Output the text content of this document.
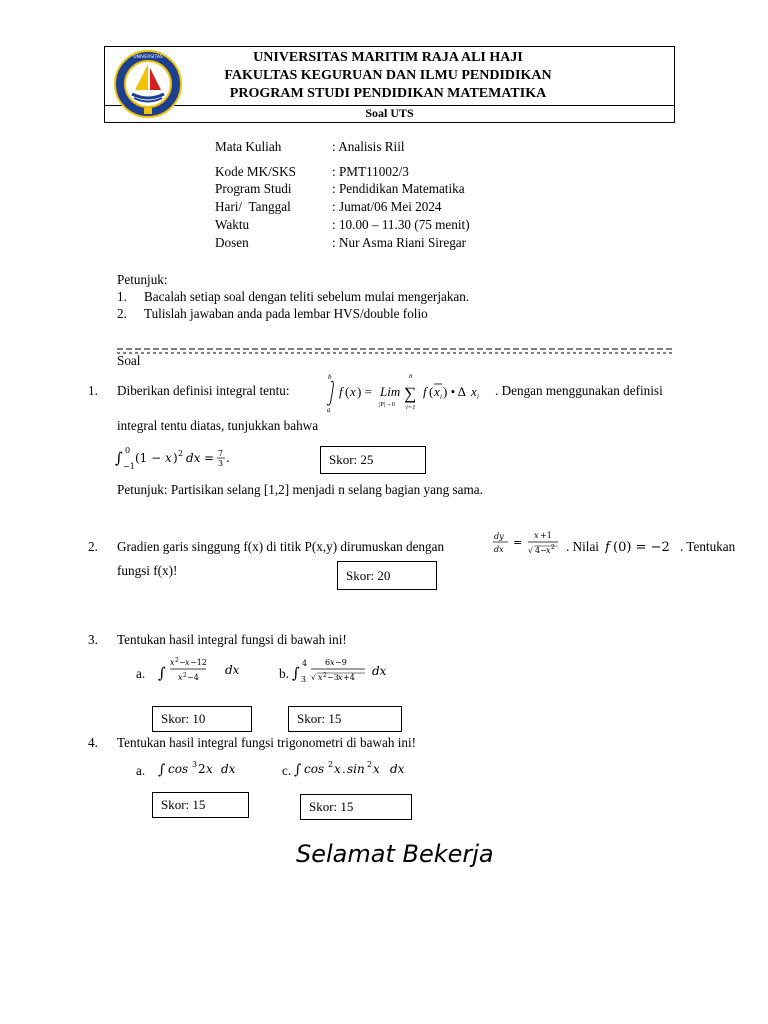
UNIVERSITAS	UNIVERSITAS MARITIM RAJA ALI HAJI
FAKULTAS KEGURUAN DAN ILMU PENDIDIKAN
PROGRAM STUDI PENDIDIKAN MATEMATIKA
Soal UTS
Mata Kuliah	: Analisis Riil
Kode MK/SKS	: PMT11002/3
Program Studi	: Pendidikan Matematika
Hari/  Tanggal	: Jumat/06 Mei 2024
Waktu	: 10.00 – 11.30 (75 menit)
Dosen	: Nur Asma Riani Siregar
Petunjuk:
1. Bacalah setiap soal dengan teliti sebelum mulai mengerjakan.
2. Tulislah jawaban anda pada lembar HVS/double folio
Soal
1. Diberikan definisi integral tentu:
b
a
f ( x ) = Lim
|P|→0
n
∑
i=1
f ( x i ) • Δ x i . Dengan menggunakan definisi
integral tentu diatas, tunjukkan bahwa
∫ 0
−1
(1 − x ) 2 dx = 7
3 .	Skor: 25
Petunjuk: Partisikan selang [1,2] menjadi n selang bagian yang sama.
2. Gradien garis singgung f(x) di titik P(x,y) dirumuskan dengan
dy
dx
=
x +1
√ 4− x 2 . Nilai f (0) = −2 . Tentukan
fungsi f(x)!	Skor: 20
3. Tentukan hasil integral fungsi di bawah ini!
a. ∫
x 2 − x −12
x 2 −4
dx	b. ∫
4
3
6 x −9
√ x 2 −3 x +4 dx
Skor: 10	Skor: 15
4. Tentukan hasil integral fungsi trigonometri di bawah ini!
a. ∫ cos 3 2 x dx	c. ∫ cos 2 x . sin 2 x dx
Skor: 15	Skor: 15
Selamat Bekerja
